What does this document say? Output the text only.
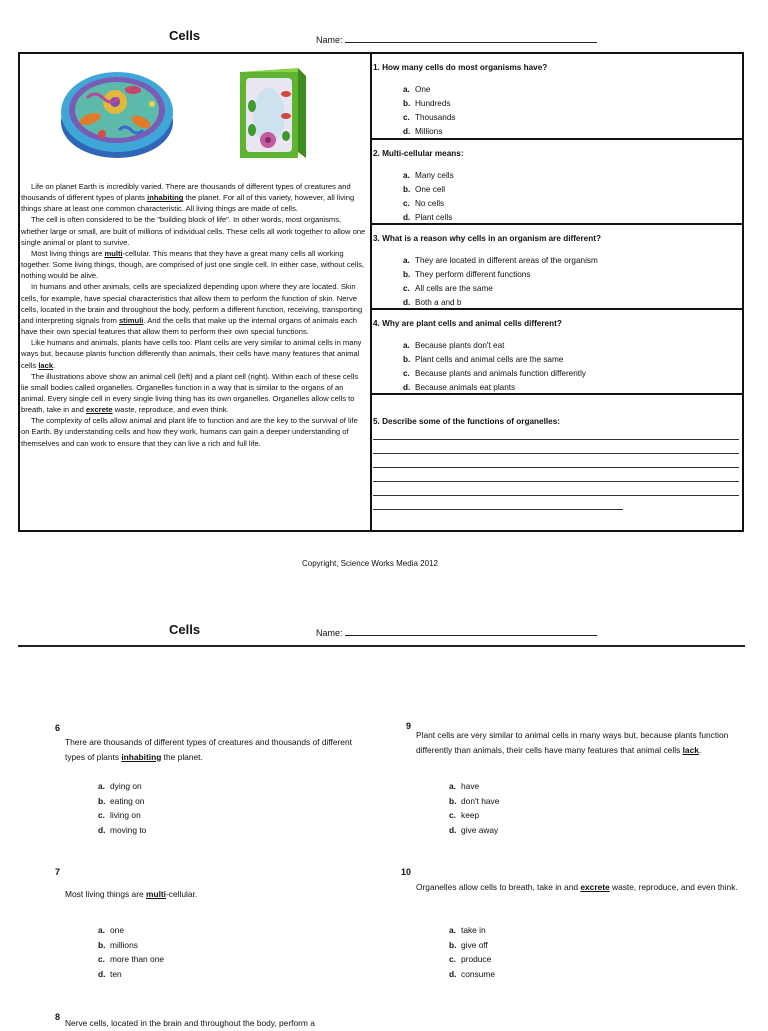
Cells	Name:

Life on planet Earth is incredibly varied. There are thousands of different types of creatures and thousands of different types of plants inhabiting the planet. For all of this variety, however, all living things share at least one common characteristic. All living things are made of cells.

The cell is often considered to be the "building block of life". In other words, most organisms, whether large or small, are built of millions of individual cells. These cells all work together to allow one single animal or plant to survive.

Most living things are multi-cellular. This means that they have a great many cells all working together. Some living things, though, are comprised of just one single cell. In either case, without cells, nothing would be alive.

In humans and other animals, cells are specialized depending upon where they are located. Skin cells, for example, have special characteristics that allow them to perform the function of skin. Nerve cells, located in the brain and throughout the body, perform a different function, receiving, transporting and interpreting signals from stimuli. And the cells that make up the internal organs of animals each have their own special features that allow them to perform their own special functions.

Like humans and animals, plants have cells too. Plant cells are very similar to animal cells in many ways but, because plants function differently than animals, their cells have many features that animal cells lack.

The illustrations above show an animal cell (left) and a plant cell (right). Within each of these cells lie small bodies called organelles. Organelles function in a way that is similar to the organs of an animal. Every single cell in every single living thing has its own organelles. Organelles allow cells to breath, take in and excrete waste, reproduce, and even think.

The complexity of cells allow animal and plant life to function and are the key to the survival of life on Earth. By understanding cells and how they work, humans can gain a deeper understanding of themselves and can work to ensure that they can live a rich and full life.

1. How many cells do most organisms have?
a. One
b. Hundreds
c. Thousands
d. Millions
2. Multi-cellular means:
a. Many cells
b. One cell
c. No cells
d. Plant cells
3. What is a reason why cells in an organism are different?
a. They are located in different areas of the organism
b. They perform different functions
c. All cells are the same
d. Both a and b
4. Why are plant cells and animal cells different?
a. Because plants don't eat
b. Plant cells and animal cells are the same
c. Because plants and animals function differently
d. Because animals eat plants
5. Describe some of the functions of organelles:
Copyright, Science Works Media 2012
Cells	Name:
6
There are thousands of different types of creatures and thousands of different types of plants inhabiting the planet.
a. dying on
b. eating on
c. living on
d. moving to
7
Most living things are multi-cellular.
a. one
b. millions
c. more than one
d. ten
8
Nerve cells, located in the brain and throughout the body, perform a
9
Plant cells are very similar to animal cells in many ways but, because plants function differently than animals, their cells have many features that animal cells lack.
a. have
b. don't have
c. keep
d. give away
10
Organelles allow cells to breath, take in and excrete waste, reproduce, and even think.
a. take in
b. give off
c. produce
d. consume
